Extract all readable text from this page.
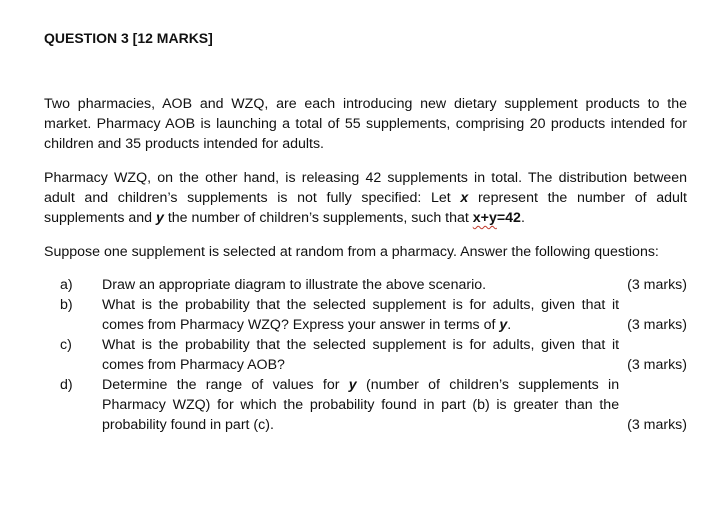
QUESTION 3 [12 MARKS]

Two pharmacies, AOB and WZQ, are each introducing new dietary supplement products to the market. Pharmacy AOB is launching a total of 55 supplements, comprising 20 products intended for children and 35 products intended for adults.

Pharmacy WZQ, on the other hand, is releasing 42 supplements in total. The distribution between adult and children’s supplements is not fully specified: Let x represent the number of adult supplements and y the number of children’s supplements, such that x+y=42.

Suppose one supplement is selected at random from a pharmacy. Answer the following questions:

a)	Draw an appropriate diagram to illustrate the above scenario.	(3 marks)
b)	What is the probability that the selected supplement is for adults, given that it comes from Pharmacy WZQ? Express your answer in terms of y.	(3 marks)
c)	What is the probability that the selected supplement is for adults, given that it comes from Pharmacy AOB?	(3 marks)
d)	Determine the range of values for y (number of children’s supplements in Pharmacy WZQ) for which the probability found in part (b) is greater than the probability found in part (c).	(3 marks)
